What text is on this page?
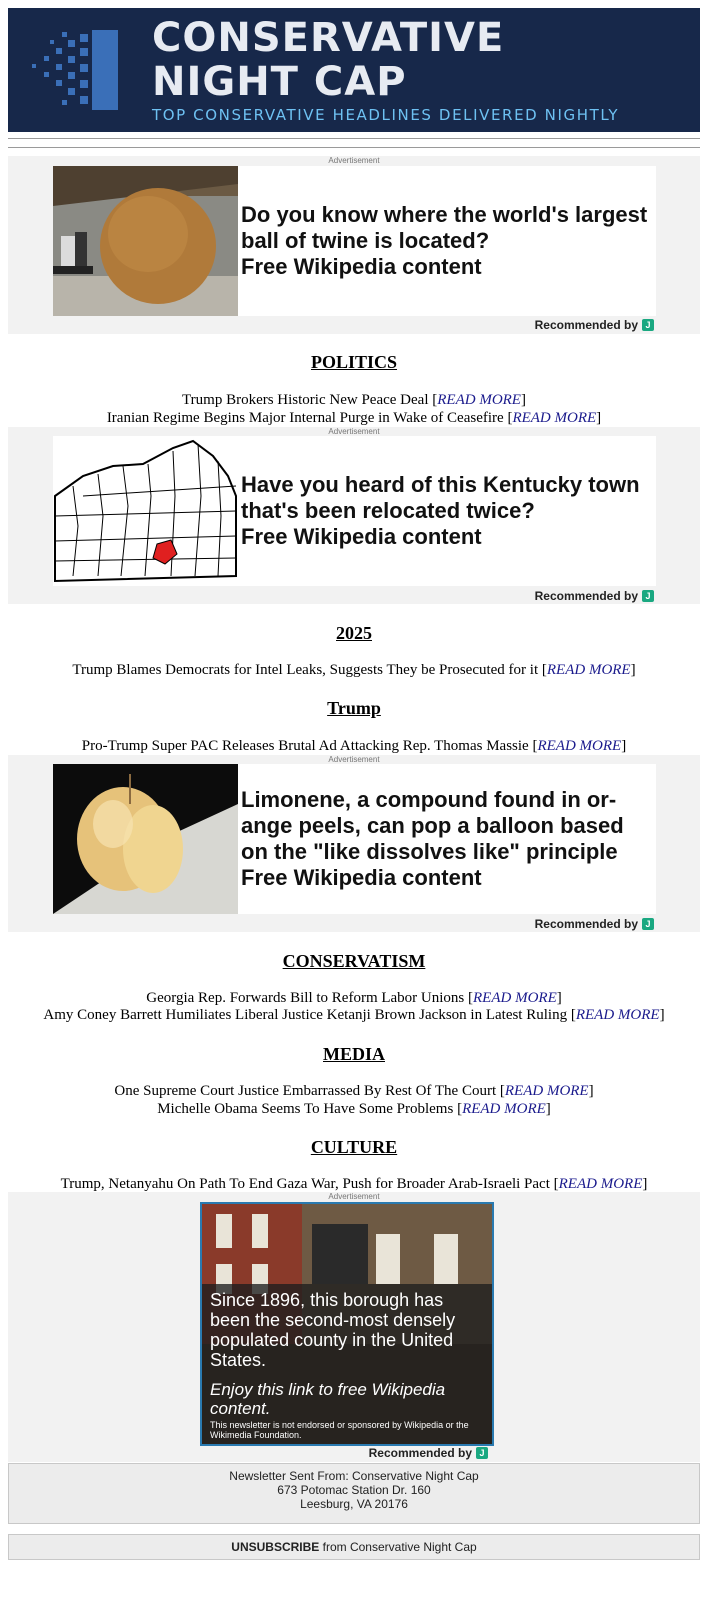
CONSERVATIVE
NIGHT CAP
TOP CONSERVATIVE HEADLINES DELIVERED NIGHTLY
Advertisement
Do you know where the world's largest ball of twine is located?
Free Wikipedia content
Recommended by J
POLITICS
Trump Brokers Historic New Peace Deal [READ MORE]
Iranian Regime Begins Major Internal Purge in Wake of Ceasefire [READ MORE]
Advertisement
Have you heard of this Kentucky town that's been relocated twice?
Free Wikipedia content
Recommended by J
2025
Trump Blames Democrats for Intel Leaks, Suggests They be Prosecuted for it [READ MORE]
Trump
Pro-Trump Super PAC Releases Brutal Ad Attacking Rep. Thomas Massie [READ MORE]
Advertisement
Limonene, a compound found in or-ange peels, can pop a balloon based on the "like dissolves like" principle
Free Wikipedia content
Recommended by J
CONSERVATISM
Georgia Rep. Forwards Bill to Reform Labor Unions [READ MORE]
Amy Coney Barrett Humiliates Liberal Justice Ketanji Brown Jackson in Latest Ruling [READ MORE]
MEDIA
One Supreme Court Justice Embarrassed By Rest Of The Court [READ MORE]
Michelle Obama Seems To Have Some Problems [READ MORE]
CULTURE
Trump, Netanyahu On Path To End Gaza War, Push for Broader Arab-Israeli Pact [READ MORE]
Advertisement
Since 1896, this borough has been the second-most densely populated county in the United States.
Enjoy this link to free Wikipedia content.
This newsletter is not endorsed or sponsored by Wikipedia or the Wikimedia Foundation.
Recommended by J
Newsletter Sent From: Conservative Night Cap
673 Potomac Station Dr. 160
Leesburg, VA 20176
UNSUBSCRIBE from Conservative Night Cap
